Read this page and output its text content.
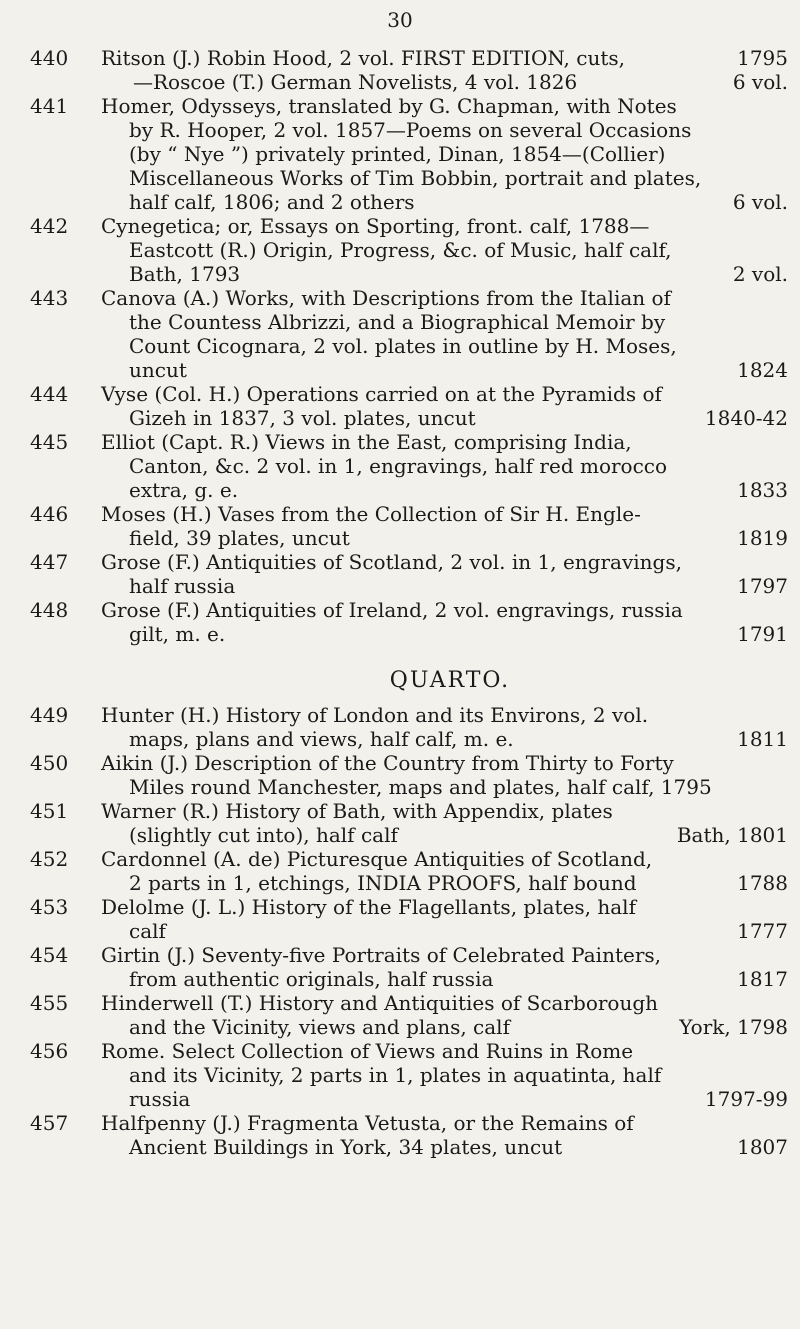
30
440	Ritson (J.) Robin Hood, 2 vol. FIRST EDITION, cuts,	1795
—Roscoe (T.) German Novelists, 4 vol. 1826	6 vol.
441	Homer, Odysseys, translated by G. Chapman, with Notes
by R. Hooper, 2 vol. 1857—Poems on several Occasions
(by “ Nye ”) privately printed, Dinan, 1854—(Collier)
Miscellaneous Works of Tim Bobbin, portrait and plates,
half calf, 1806; and 2 others	6 vol.
442	Cynegetica; or, Essays on Sporting, front. calf, 1788—
Eastcott (R.) Origin, Progress, &c. of Music, half calf,
Bath, 1793	2 vol.
443	Canova (A.) Works, with Descriptions from the Italian of
the Countess Albrizzi, and a Biographical Memoir by
Count Cicognara, 2 vol. plates in outline by H. Moses,
uncut	1824
444	Vyse (Col. H.) Operations carried on at the Pyramids of
Gizeh in 1837, 3 vol. plates, uncut	1840-42
445	Elliot (Capt. R.) Views in the East, comprising India,
Canton, &c. 2 vol. in 1, engravings, half red morocco
extra, g. e.	1833
446	Moses (H.) Vases from the Collection of Sir H. Engle-
field, 39 plates, uncut	1819
447	Grose (F.) Antiquities of Scotland, 2 vol. in 1, engravings,
half russia	1797
448	Grose (F.) Antiquities of Ireland, 2 vol. engravings, russia
gilt, m. e.	1791
QUARTO.
449	Hunter (H.) History of London and its Environs, 2 vol.
maps, plans and views, half calf, m. e.	1811
450	Aikin (J.) Description of the Country from Thirty to Forty
Miles round Manchester, maps and plates, half calf, 1795
451	Warner (R.) History of Bath, with Appendix, plates
(slightly cut into), half calf	Bath, 1801
452	Cardonnel (A. de) Picturesque Antiquities of Scotland,
2 parts in 1, etchings, INDIA PROOFS, half bound	1788
453	Delolme (J. L.) History of the Flagellants, plates, half
calf	1777
454	Girtin (J.) Seventy-five Portraits of Celebrated Painters,
from authentic originals, half russia	1817
455	Hinderwell (T.) History and Antiquities of Scarborough
and the Vicinity, views and plans, calf	York, 1798
456	Rome. Select Collection of Views and Ruins in Rome
and its Vicinity, 2 parts in 1, plates in aquatinta, half
russia	1797-99
457	Halfpenny (J.) Fragmenta Vetusta, or the Remains of
Ancient Buildings in York, 34 plates, uncut	1807
